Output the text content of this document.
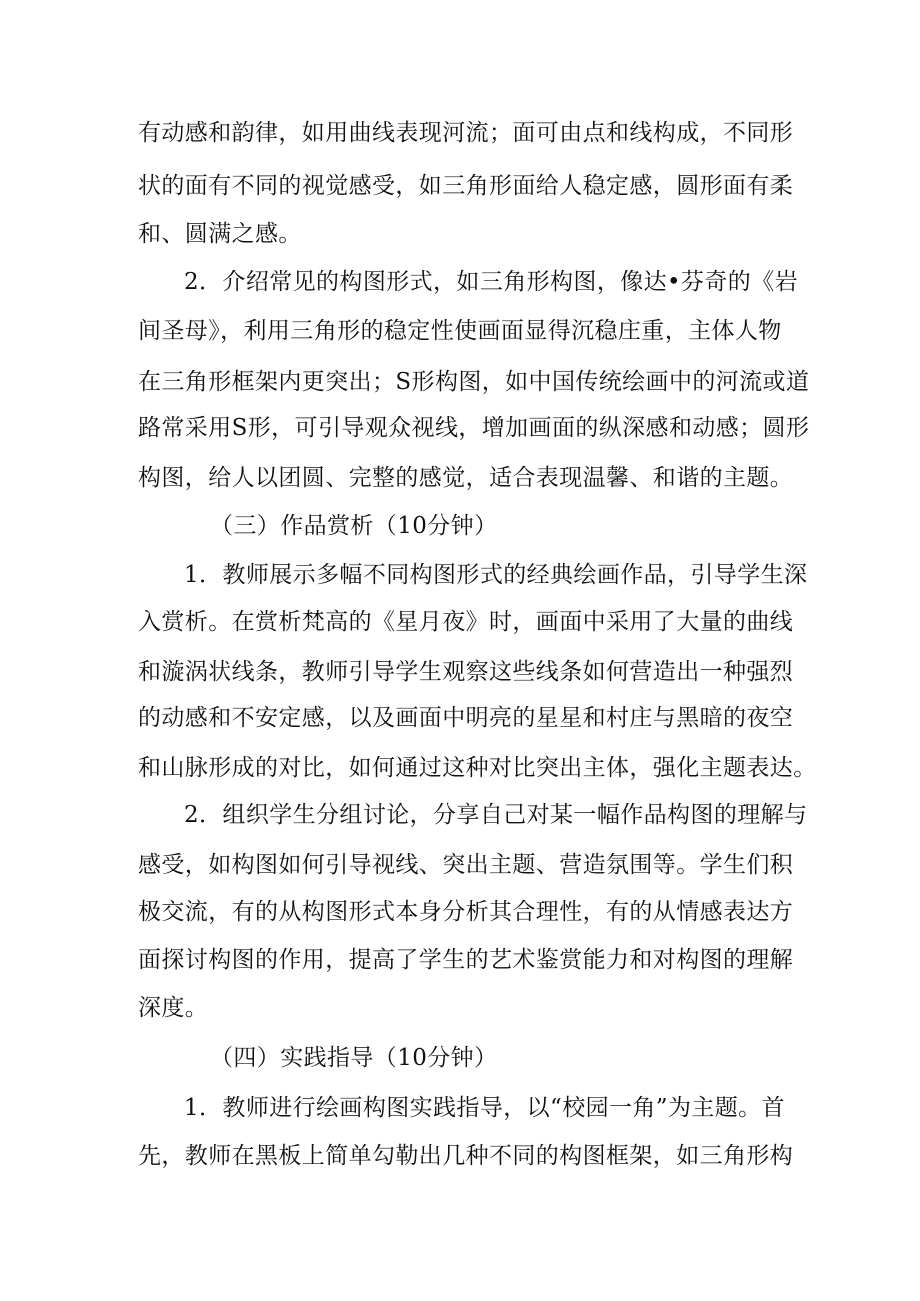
有动感和韵律，如用曲线表现河流；面可由点和线构成，不同形
状的面有不同的视觉感受，如三角形面给人稳定感，圆形面有柔
和、圆满之感。
2．介绍常见的构图形式，如三角形构图，像达•芬奇的《岩
间圣母》，利用三角形的稳定性使画面显得沉稳庄重，主体人物
在三角形框架内更突出；S形构图，如中国传统绘画中的河流或道
路常采用S形，可引导观众视线，增加画面的纵深感和动感；圆形
构图，给人以团圆、完整的感觉，适合表现温馨、和谐的主题。
（三）作品赏析（10分钟）
1．教师展示多幅不同构图形式的经典绘画作品，引导学生深
入赏析。在赏析梵高的《星月夜》时，画面中采用了大量的曲线
和漩涡状线条，教师引导学生观察这些线条如何营造出一种强烈
的动感和不安定感，以及画面中明亮的星星和村庄与黑暗的夜空
和山脉形成的对比，如何通过这种对比突出主体，强化主题表达。
2．组织学生分组讨论，分享自己对某一幅作品构图的理解与
感受，如构图如何引导视线、突出主题、营造氛围等。学生们积
极交流，有的从构图形式本身分析其合理性，有的从情感表达方
面探讨构图的作用，提高了学生的艺术鉴赏能力和对构图的理解
深度。
（四）实践指导（10分钟）
1．教师进行绘画构图实践指导，以“校园一角”为主题。首
先，教师在黑板上简单勾勒出几种不同的构图框架，如三角形构
